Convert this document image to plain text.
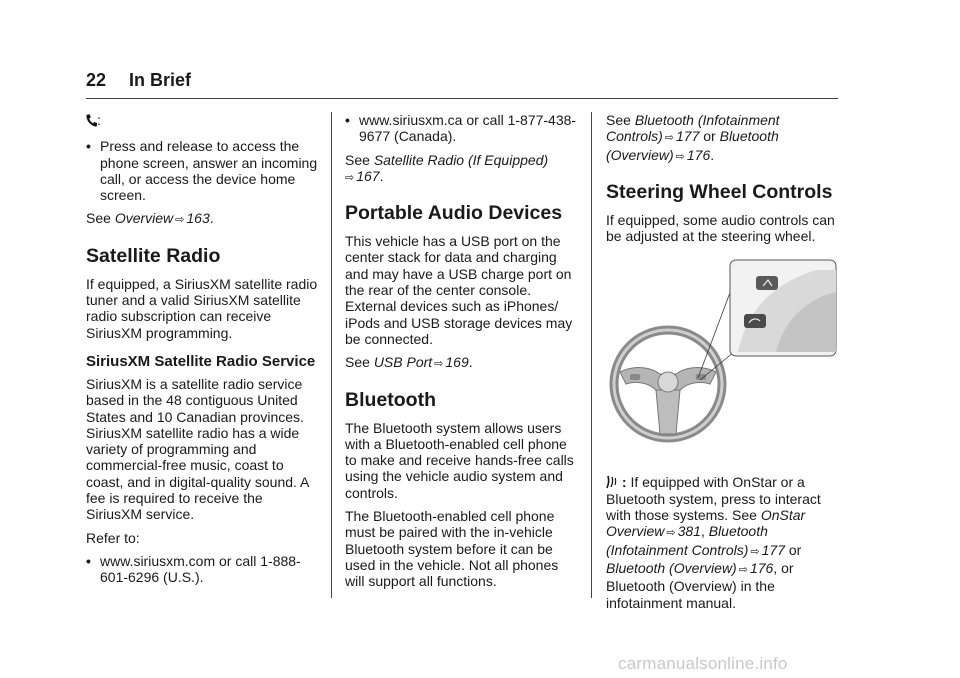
22 In Brief

:

• Press and release to access the phone screen, answer an incoming call, or access the device home screen.

See Overview ⇨ 163.

Satellite Radio

If equipped, a SiriusXM satellite radio tuner and a valid SiriusXM satellite radio subscription can receive SiriusXM programming.

SiriusXM Satellite Radio Service

SiriusXM is a satellite radio service based in the 48 contiguous United States and 10 Canadian provinces. SiriusXM satellite radio has a wide variety of programming and commercial-free music, coast to coast, and in digital-quality sound. A fee is required to receive the SiriusXM service.

Refer to:

• www.siriusxm.com or call 1-888-601-6296 (U.S.).
• www.siriusxm.ca or call 1-877-438-9677 (Canada).

See Satellite Radio (If Equipped)
⇨ 167.

Portable Audio Devices

This vehicle has a USB port on the center stack for data and charging and may have a USB charge port on the rear of the center console. External devices such as iPhones/ iPods and USB storage devices may be connected.

See USB Port ⇨ 169.

Bluetooth

The Bluetooth system allows users with a Bluetooth-enabled cell phone to make and receive hands-free calls using the vehicle audio system and controls.

The Bluetooth-enabled cell phone must be paired with the in-vehicle Bluetooth system before it can be used in the vehicle. Not all phones will support all functions.

See Bluetooth (Infotainment Controls) ⇨ 177 or Bluetooth (Overview) ⇨ 176.

Steering Wheel Controls

If equipped, some audio controls can be adjusted at the steering wheel.

: If equipped with OnStar or a Bluetooth system, press to interact with those systems. See OnStar Overview ⇨ 381, Bluetooth (Infotainment Controls) ⇨ 177 or Bluetooth (Overview) ⇨ 176, or Bluetooth (Overview) in the infotainment manual.

carmanualsonline.info
